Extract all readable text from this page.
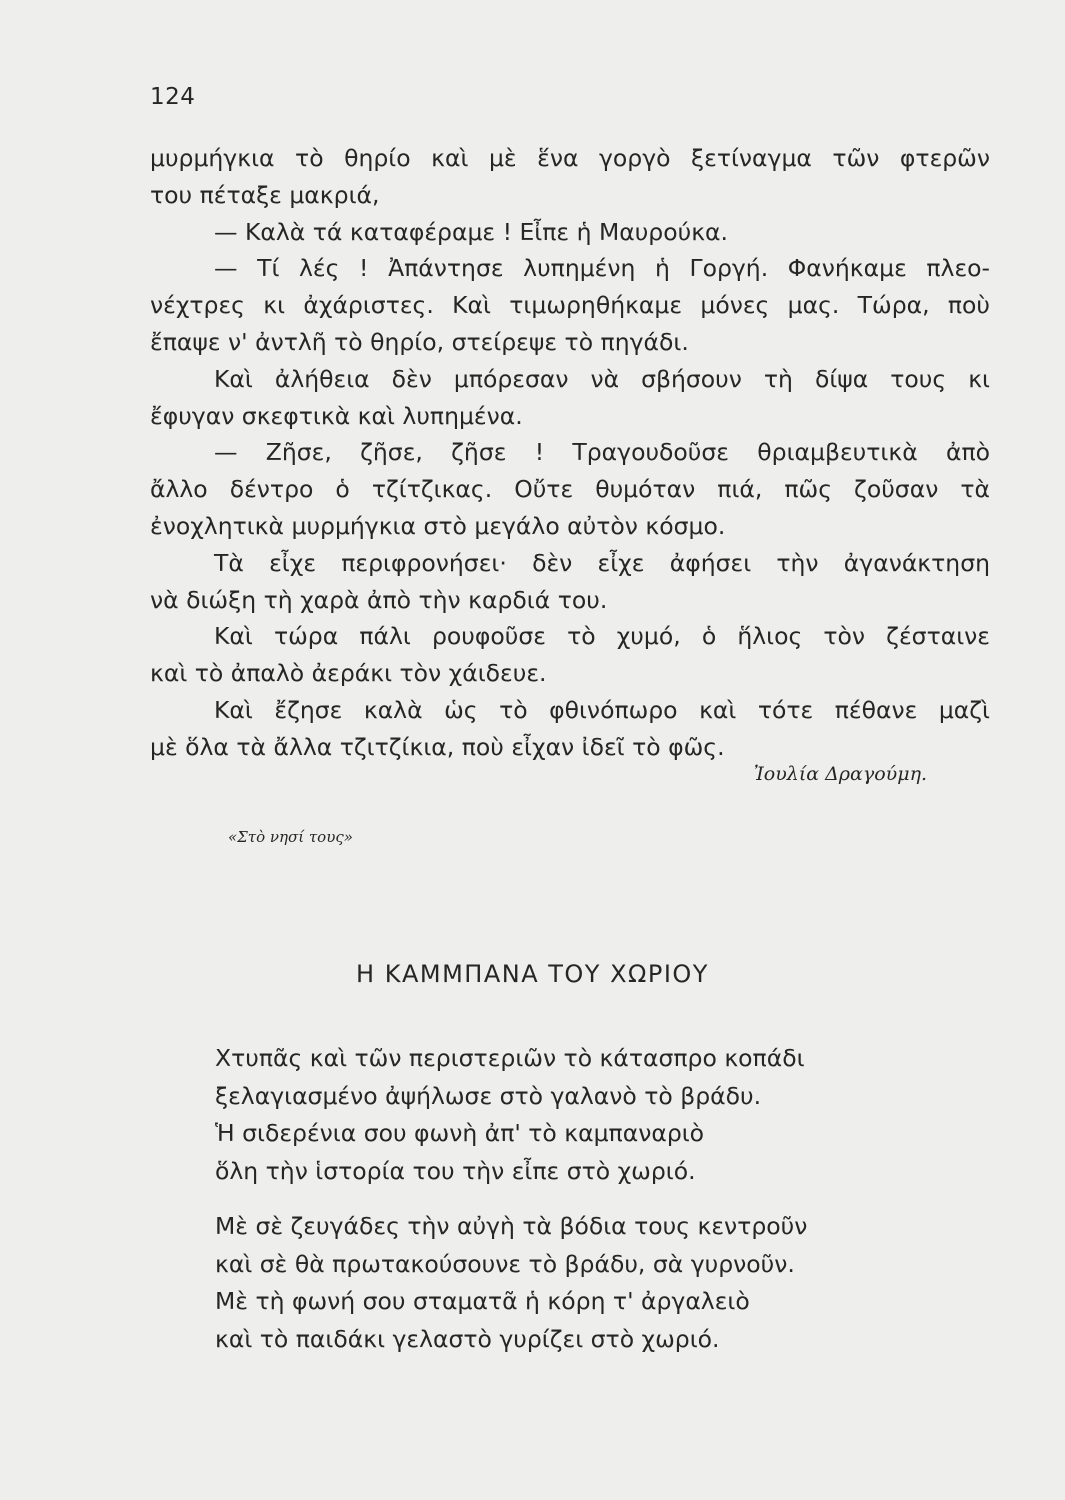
124
μυρμήγκια τὸ θηρίο καὶ μὲ ἕνα γοργὸ ξετίναγμα τῶν φτερῶν
του πέταξε μακριά,
— Καλὰ τά καταφέραμε ! Εἶπε ἡ Μαυρούκα.
— Τί λές ! Ἀπάντησε λυπημένη ἡ Γοργή. Φανήκαμε πλεο-
νέχτρες κι ἀχάριστες. Καὶ τιμωρηθήκαμε μόνες μας. Τώρα, ποὺ
ἔπαψε ν' ἀντλῆ τὸ θηρίο, στείρεψε τὸ πηγάδι.
Καὶ ἀλήθεια δὲν μπόρεσαν νὰ σβήσουν τὴ δίψα τους κι
ἔφυγαν σκεφτικὰ καὶ λυπημένα.
— Ζῆσε, ζῆσε, ζῆσε ! Τραγουδοῦσε θριαμβευτικὰ ἀπὸ
ἄλλο δέντρο ὁ τζίτζικας. Οὔτε θυμόταν πιά, πῶς ζοῦσαν τὰ
ἐνοχλητικὰ μυρμήγκια στὸ μεγάλο αὐτὸν κόσμο.
Τὰ εἶχε περιφρονήσει· δὲν εἶχε ἀφήσει τὴν ἀγανάκτηση
νὰ διώξη τὴ χαρὰ ἀπὸ τὴν καρδιά του.
Καὶ τώρα πάλι ρουφοῦσε τὸ χυμό, ὁ ἥλιος τὸν ζέσταινε
καὶ τὸ ἀπαλὸ ἀεράκι τὸν χάιδευε.
Καὶ ἔζησε καλὰ ὡς τὸ φθινόπωρο καὶ τότε πέθανε μαζὶ
μὲ ὅλα τὰ ἄλλα τζιτζίκια, ποὺ εἶχαν ἰδεῖ τὸ φῶς.
Ἰουλία Δραγούμη.
«Στὸ νησί τους»
Η ΚΑΜΜΠΑΝΑ ΤΟΥ ΧΩΡΙΟΥ
Χτυπᾶς καὶ τῶν περιστεριῶν τὸ κάτασπρο κοπάδι
ξελαγιασμένο ἀψήλωσε στὸ γαλανὸ τὸ βράδυ.
Ἡ σιδερένια σου φωνὴ ἀπ' τὸ καμπαναριὸ
ὅλη τὴν ἱστορία του τὴν εἶπε στὸ χωριό.
Μὲ σὲ ζευγάδες τὴν αὐγὴ τὰ βόδια τους κεντροῦν
καὶ σὲ θὰ πρωτακούσουνε τὸ βράδυ, σὰ γυρνοῦν.
Μὲ τὴ φωνή σου σταματᾶ ἡ κόρη τ' ἀργαλειὸ
καὶ τὸ παιδάκι γελαστὸ γυρίζει στὸ χωριό.
